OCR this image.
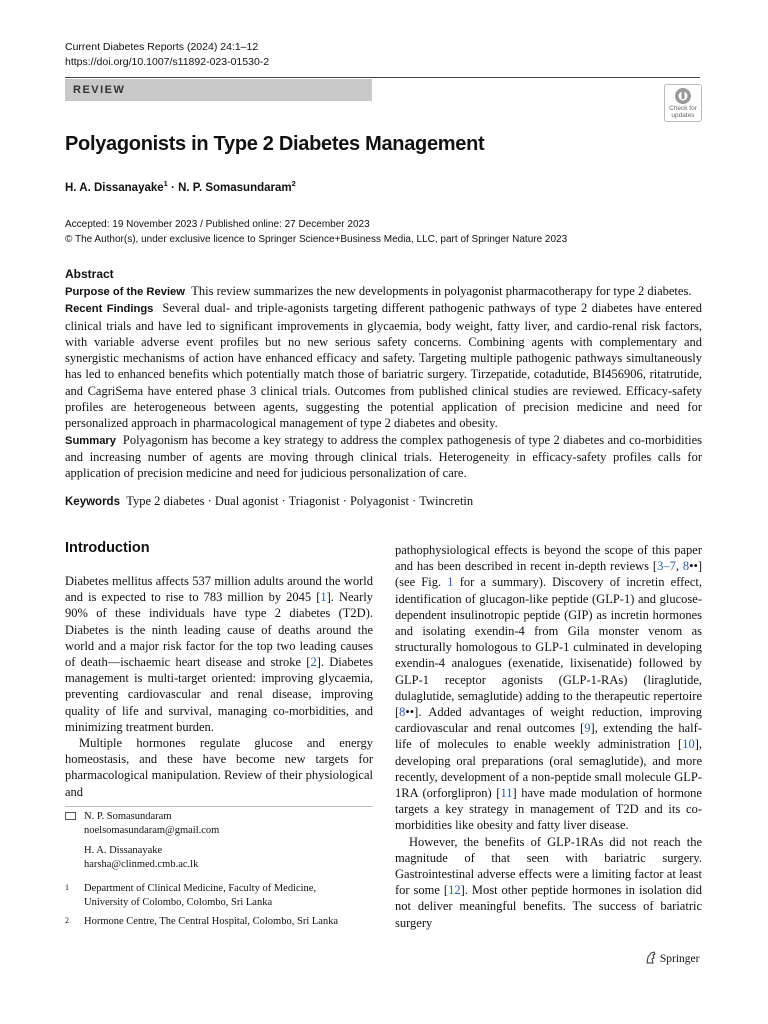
Current Diabetes Reports (2024) 24:1–12
https://doi.org/10.1007/s11892-023-01530-2
REVIEW
Check for
updates
Polyagonists in Type 2 Diabetes Management
H. A. Dissanayake$^1$ · N. P. Somasundaram$^2$
Accepted: 19 November 2023 / Published online: 27 December 2023
© The Author(s), under exclusive licence to Springer Science+Business Media, LLC, part of Springer Nature 2023
Abstract

Purpose of the Review This review summarizes the new developments in polyagonist pharmacotherapy for type 2 diabetes.

Recent Findings Several dual- and triple-agonists targeting different pathogenic pathways of type 2 diabetes have entered clinical trials and have led to significant improvements in glycaemia, body weight, fatty liver, and cardio-renal risk factors, with variable adverse event profiles but no new serious safety concerns. Combining agents with complementary and synergistic mechanisms of action have enhanced efficacy and safety. Targeting multiple pathogenic pathways simultaneously has led to enhanced benefits which potentially match those of bariatric surgery. Tirzepatide, cotadutide, BI456906, ritatrutide, and CagriSema have entered phase 3 clinical trials. Outcomes from published clinical studies are reviewed. Efficacy-safety profiles are heterogeneous between agents, suggesting the potential application of precision medicine and need for personalized approach in pharmacological management of type 2 diabetes and obesity.

Summary Polyagonism has become a key strategy to address the complex pathogenesis of type 2 diabetes and co-morbidities and increasing number of agents are moving through clinical trials. Heterogeneity in efficacy-safety profiles calls for application of precision medicine and need for judicious personalization of care.

Keywords Type 2 diabetes · Dual agonist · Triagonist · Polyagonist · Twincretin
Introduction

Diabetes mellitus affects 537 million adults around the world and is expected to rise to 783 million by 2045 [1]. Nearly 90% of these individuals have type 2 diabetes (T2D). Diabetes is the ninth leading cause of deaths around the world and a major risk factor for the top two leading causes of death—ischaemic heart disease and stroke [2]. Diabetes management is multi-target oriented: improving glycaemia, preventing cardiovascular and renal disease, improving quality of life and survival, managing co-morbidities, and minimizing treatment burden.

Multiple hormones regulate glucose and energy homeostasis, and these have become new targets for pharmacological manipulation. Review of their physiological and

pathophysiological effects is beyond the scope of this paper and has been described in recent in-depth reviews [3–7, 8••] (see Fig. 1 for a summary). Discovery of incretin effect, identification of glucagon-like peptide (GLP-1) and glucose-dependent insulinotropic peptide (GIP) as incretin hormones and isolating exendin-4 from Gila monster venom as structurally homologous to GLP-1 culminated in developing exendin-4 analogues (exenatide, lixisenatide) followed by GLP-1 receptor agonists (GLP-1-RAs) (liraglutide, dulaglutide, semaglutide) adding to the therapeutic repertoire [8••]. Added advantages of weight reduction, improving cardiovascular and renal outcomes [9], extending the half-life of molecules to enable weekly administration [10], developing oral preparations (oral semaglutide), and more recently, development of a non-peptide small molecule GLP-1RA (orforglipron) [11] have made modulation of hormone targets a key strategy in management of T2D and its co-morbidities like obesity and fatty liver disease.

However, the benefits of GLP-1RAs did not reach the magnitude of that seen with bariatric surgery. Gastrointestinal adverse effects were a limiting factor at least for some [12]. Most other peptide hormones in isolation did not deliver meaningful benefits. The success of bariatric surgery

N. P. Somasundaram
noelsomasundaram@gmail.com
H. A. Dissanayake
harsha@clinmed.cmb.ac.lk
1 Department of Clinical Medicine, Faculty of Medicine,
University of Colombo, Colombo, Sri Lanka
2 Hormone Centre, The Central Hospital, Colombo, Sri Lanka
Springer
